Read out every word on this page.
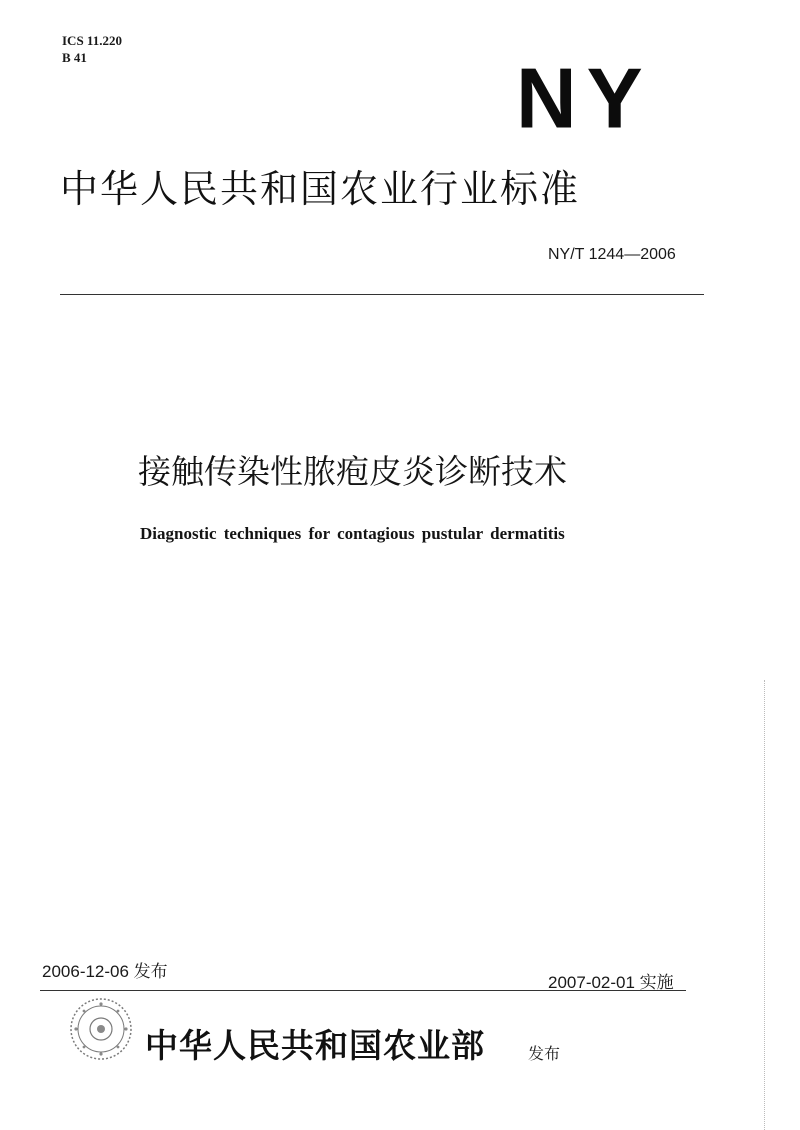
ICS 11.220
B 41	NY
中华人民共和国农业行业标准
NY/T 1244—2006
接触传染性脓疱皮炎诊断技术
Diagnostic techniques for contagious pustular dermatitis
2006-12-06 发布
2007-02-01 实施
中华人民共和国农业部	发布
